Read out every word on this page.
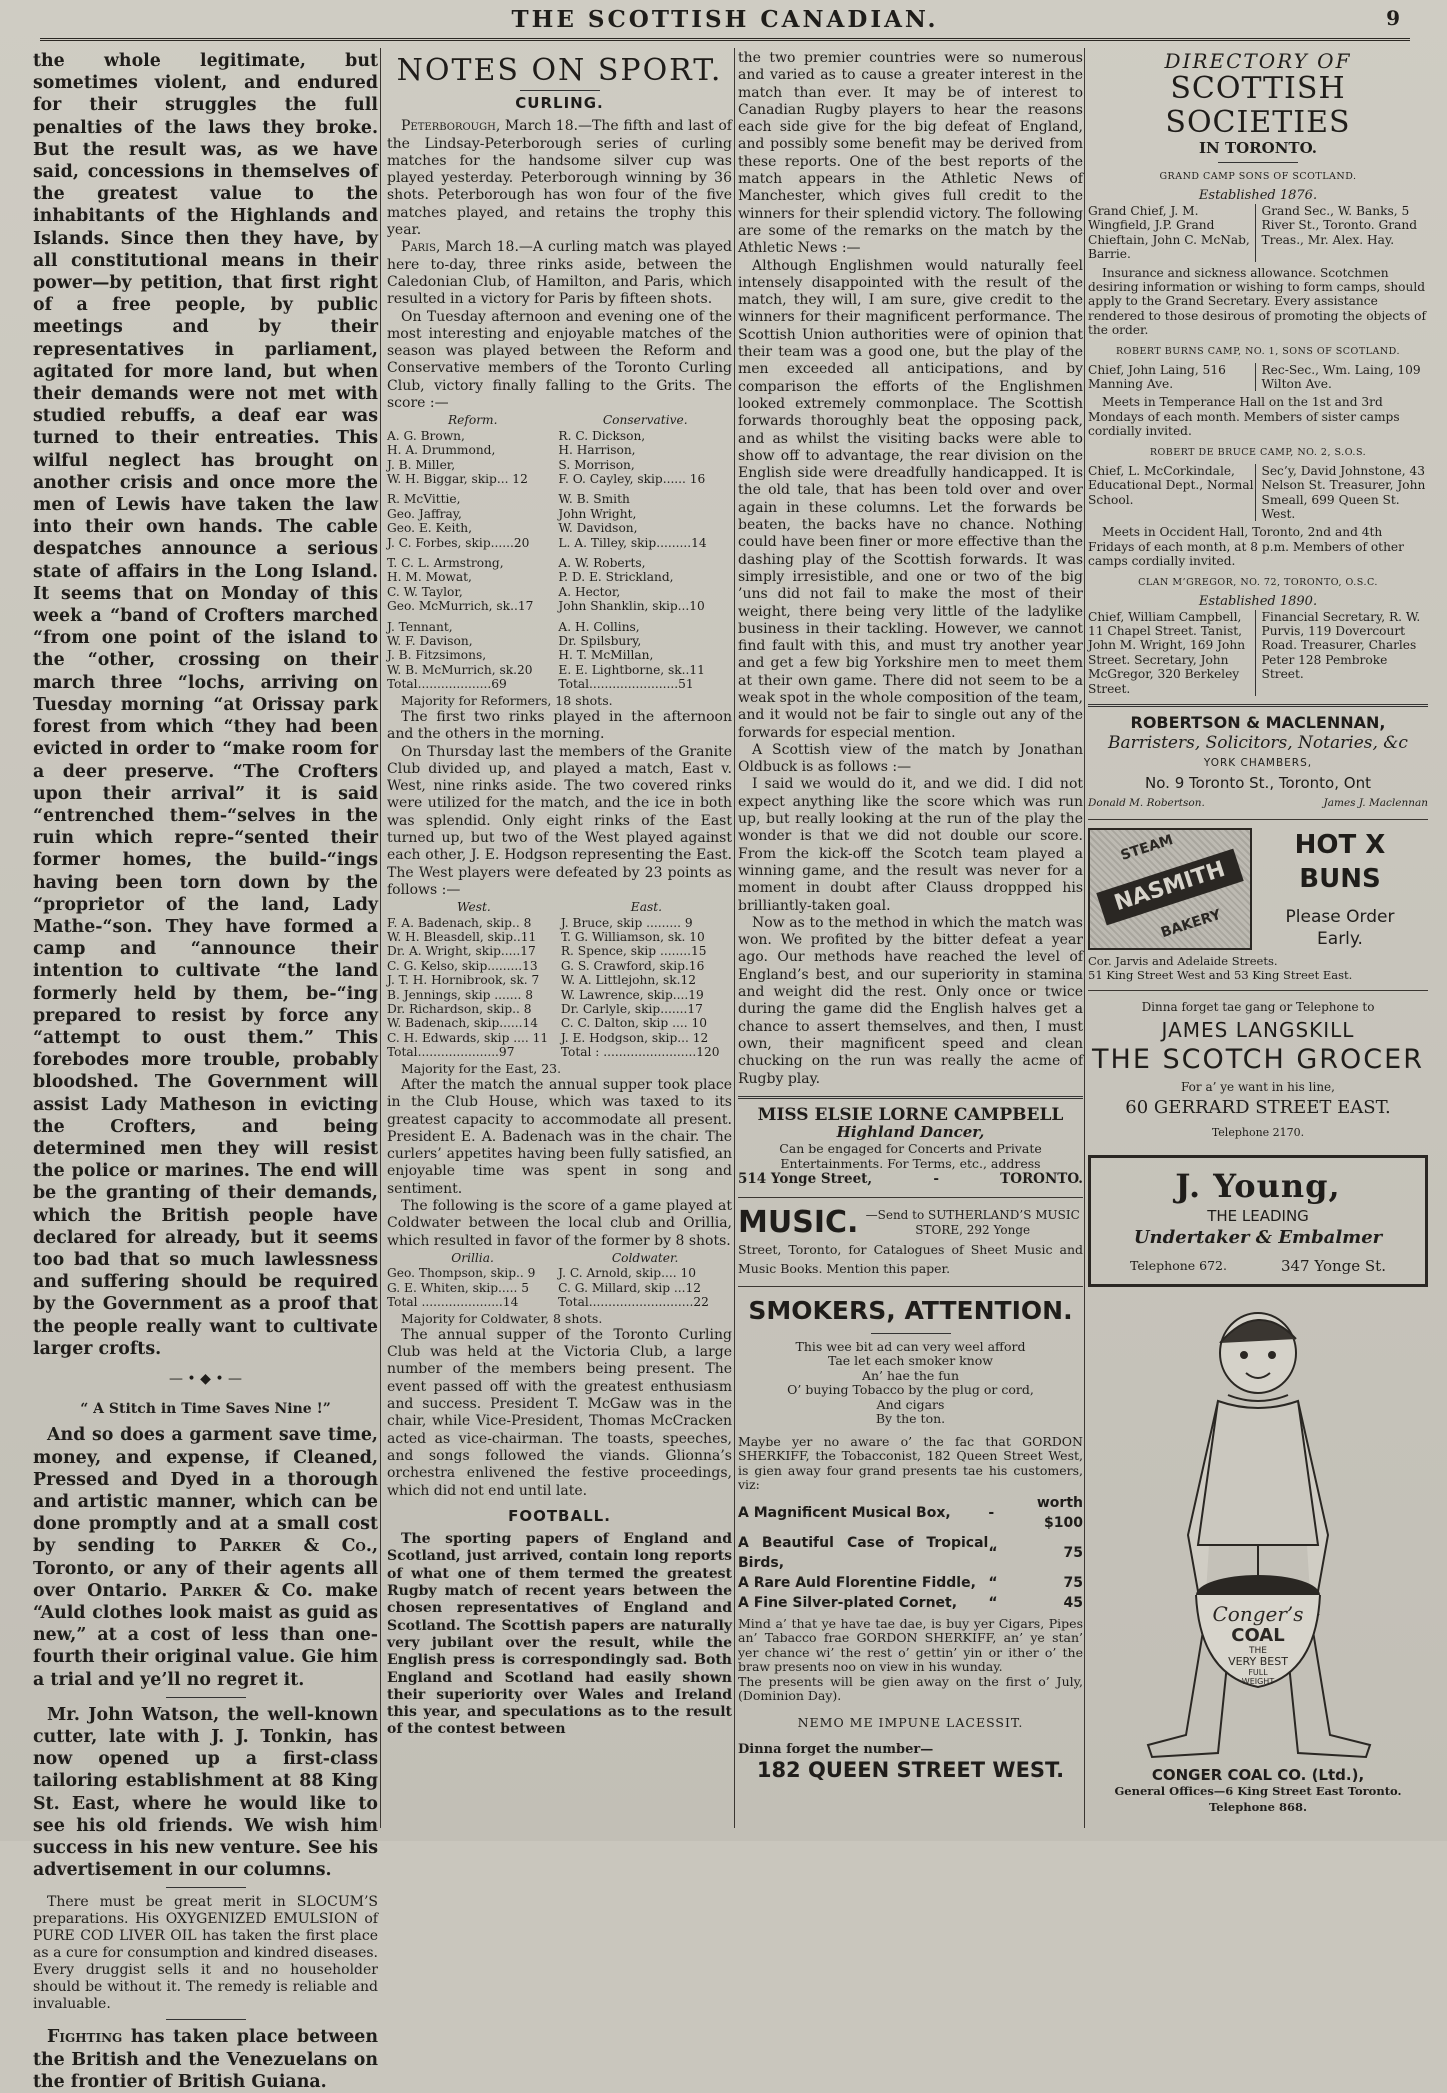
THE SCOTTISH CANADIAN.	9

the whole legitimate, but sometimes violent, and endured for their struggles the full penalties of the laws they broke. But the result was, as we have said, concessions in themselves of the greatest value to the inhabitants of the Highlands and Islands. Since then they have, by all constitutional means in their power—by petition, that first right of a free people, by public meetings and by their representatives in parliament, agitated for more land, but when their demands were not met with studied rebuffs, a deaf ear was turned to their entreaties. This wilful neglect has brought on another crisis and once more the men of Lewis have taken the law into their own hands. The cable despatches announce a serious state of affairs in the Long Island. It seems that on Monday of this week a “band of Crofters marched “from one point of the island to the “other, crossing on their march three “lochs, arriving on Tuesday morning “at Orissay park forest from which “they had been evicted in order to “make room for a deer preserve. “The Crofters upon their arrival” it is said “entrenched them-“selves in the ruin which repre-“sented their former homes, the build-“ings having been torn down by the “proprietor of the land, Lady Mathe-“son. They have formed a camp and “announce their intention to cultivate “the land formerly held by them, be-“ing prepared to resist by force any “attempt to oust them.” This forebodes more trouble, probably bloodshed. The Government will assist Lady Matheson in evicting the Crofters, and being determined men they will resist the police or marines. The end will be the granting of their demands, which the British people have declared for already, but it seems too bad that so much lawlessness and suffering should be required by the Government as a proof that the people really want to cultivate larger crofts.

— • ◆ • —

“ A Stitch in Time Saves Nine !”

And so does a garment save time, money, and expense, if Cleaned, Pressed and Dyed in a thorough and artistic manner, which can be done promptly and at a small cost by sending to Parker & Co., Toronto, or any of their agents all over Ontario. Parker & Co. make “Auld clothes look maist as guid as new,” at a cost of less than one-fourth their original value. Gie him a trial and ye’ll no regret it.

Mr. John Watson, the well-known cutter, late with J. J. Tonkin, has now opened up a first-class tailoring establishment at 88 King St. East, where he would like to see his old friends. We wish him success in his new venture. See his advertisement in our columns.

There must be great merit in SLOCUM’S preparations. His OXYGENIZED EMULSION of PURE COD LIVER OIL has taken the first place as a cure for consumption and kindred diseases. Every druggist sells it and no householder should be without it. The remedy is reliable and invaluable.

Fighting has taken place between the British and the Venezuelans on the frontier of British Guiana.

NOTES ON SPORT.
CURLING.

Peterborough, March 18.—The fifth and last of the Lindsay-Peterborough series of curling matches for the handsome silver cup was played yesterday. Peterborough winning by 36 shots. Peterborough has won four of the five matches played, and retains the trophy this year.

Paris, March 18.—A curling match was played here to-day, three rinks aside, between the Caledonian Club, of Hamilton, and Paris, which resulted in a victory for Paris by fifteen shots.

On Tuesday afternoon and evening one of the most interesting and enjoyable matches of the season was played between the Reform and Conservative members of the Toronto Curling Club, victory finally falling to the Grits. The score :—

Reform.	Conservative.
A. G. Brown,	R. C. Dickson,
H. A. Drummond,	H. Harrison,
J. B. Miller,	S. Morrison,
W. H. Biggar, skip... 12	F. O. Cayley, skip...... 16

R. McVittie,	W. B. Smith
Geo. Jaffray,	John Wright,
Geo. E. Keith,	W. Davidson,
J. C. Forbes, skip......20	L. A. Tilley, skip.........14

T. C. L. Armstrong,	A. W. Roberts,
H. M. Mowat,	P. D. E. Strickland,
C. W. Taylor,	A. Hector,
Geo. McMurrich, sk..17	John Shanklin, skip...10

J. Tennant,	A. H. Collins,
W. F. Davison,	Dr. Spilsbury,
J. B. Fitzsimons,	H. T. McMillan,
W. B. McMurrich, sk.20	E. E. Lightborne, sk..11
Total...................69	Total.......................51

Majority for Reformers, 18 shots.

The first two rinks played in the afternoon and the others in the morning.

On Thursday last the members of the Granite Club divided up, and played a match, East v. West, nine rinks aside. The two covered rinks were utilized for the match, and the ice in both was splendid. Only eight rinks of the East turned up, but two of the West played against each other, J. E. Hodgson representing the East. The West players were defeated by 23 points as follows :—

West.	East.
F. A. Badenach, skip.. 8	J. Bruce, skip ......... 9
W. H. Bleasdell, skip..11	T. G. Williamson, sk. 10
Dr. A. Wright, skip.....17	R. Spence, skip ........15
C. G. Kelso, skip.........13	G. S. Crawford, skip.16
J. T. H. Hornibrook, sk. 7	W. A. Littlejohn, sk.12
B. Jennings, skip ....... 8	W. Lawrence, skip....19
Dr. Richardson, skip.. 8	Dr. Carlyle, skip.......17
W. Badenach, skip......14	C. C. Dalton, skip .... 10
C. H. Edwards, skip .... 11	J. E. Hodgson, skip... 12
Total.....................97	Total : ........................120

Majority for the East, 23.

After the match the annual supper took place in the Club House, which was taxed to its greatest capacity to accommodate all present. President E. A. Badenach was in the chair. The curlers’ appetites having been fully satisfied, an enjoyable time was spent in song and sentiment.

The following is the score of a game played at Coldwater between the local club and Orillia, which resulted in favor of the former by 8 shots.

Orillia.	Coldwater.
Geo. Thompson, skip.. 9	J. C. Arnold, skip.... 10
G. E. Whiten, skip..... 5	C. G. Millard, skip ...12
Total .....................14	Total...........................22

Majority for Coldwater, 8 shots.

The annual supper of the Toronto Curling Club was held at the Victoria Club, a large number of the members being present. The event passed off with the greatest enthusiasm and success. President T. McGaw was in the chair, while Vice-President, Thomas McCracken acted as vice-chairman. The toasts, speeches, and songs followed the viands. Glionna’s orchestra enlivened the festive proceedings, which did not end until late.

FOOTBALL.

The sporting papers of England and Scotland, just arrived, contain long reports of what one of them termed the greatest Rugby match of recent years between the chosen representatives of England and Scotland. The Scottish papers are naturally very jubilant over the result, while the English press is correspondingly sad. Both England and Scotland had easily shown their superiority over Wales and Ireland this year, and speculations as to the result of the contest between

the two premier countries were so numerous and varied as to cause a greater interest in the match than ever. It may be of interest to Canadian Rugby players to hear the reasons each side give for the big defeat of England, and possibly some benefit may be derived from these reports. One of the best reports of the match appears in the Athletic News of Manchester, which gives full credit to the winners for their splendid victory. The following are some of the remarks on the match by the Athletic News :—

Although Englishmen would naturally feel intensely disappointed with the result of the match, they will, I am sure, give credit to the winners for their magnificent performance. The Scottish Union authorities were of opinion that their team was a good one, but the play of the men exceeded all anticipations, and by comparison the efforts of the Englishmen looked extremely commonplace. The Scottish forwards thoroughly beat the opposing pack, and as whilst the visiting backs were able to show off to advantage, the rear division on the English side were dreadfully handicapped. It is the old tale, that has been told over and over again in these columns. Let the forwards be beaten, the backs have no chance. Nothing could have been finer or more effective than the dashing play of the Scottish forwards. It was simply irresistible, and one or two of the big ’uns did not fail to make the most of their weight, there being very little of the ladylike business in their tackling. However, we cannot find fault with this, and must try another year and get a few big Yorkshire men to meet them at their own game. There did not seem to be a weak spot in the whole composition of the team, and it would not be fair to single out any of the forwards for especial mention.

A Scottish view of the match by Jonathan Oldbuck is as follows :—

I said we would do it, and we did. I did not expect anything like the score which was run up, but really looking at the run of the play the wonder is that we did not double our score. From the kick-off the Scotch team played a winning game, and the result was never for a moment in doubt after Clauss droppped his brilliantly-taken goal.

Now as to the method in which the match was won. We profited by the bitter defeat a year ago. Our methods have reached the level of England’s best, and our superiority in stamina and weight did the rest. Only once or twice during the game did the English halves get a chance to assert themselves, and then, I must own, their magnificent speed and clean chucking on the run was really the acme of Rugby play.

MISS ELSIE LORNE CAMPBELL
Highland Dancer,
Can be engaged for Concerts and Private Entertainments. For Terms, etc., address
514 Yonge Street,	-	TORONTO.
MUSIC. —Send to SUTHERLAND’S MUSIC STORE, 292 Yonge

Street, Toronto, for Catalogues of Sheet Music and Music Books. Mention this paper.

SMOKERS, ATTENTION.
This wee bit ad can very weel afford
Tae let each smoker know
An’ hae the fun
O’ buying Tobacco by the plug or cord,
And cigars
By the ton.

Maybe yer no aware o’ the fac that GORDON SHERKIFF, the Tobacconist, 182 Queen Street West, is gien away four grand presents tae his customers, viz:

A Magnificent Musical Box,	-	worth $100
A Beautiful Case of Tropical Birds,	“	75
A Rare Auld Florentine Fiddle,	“	75
A Fine Silver-plated Cornet,	“	45

Mind a’ that ye have tae dae, is buy yer Cigars, Pipes an’ Tabacco frae GORDON SHERKIFF, an’ ye stan’ yer chance wi’ the rest o’ gettin’ yin or ither o’ the braw presents noo on view in his wunday.

The presents will be gien away on the first o’ July, (Dominion Day).

NEMO ME IMPUNE LACESSIT.
Dinna forget the number—
182 QUEEN STREET WEST.
DIRECTORY OF
SCOTTISH SOCIETIES
IN TORONTO.
GRAND CAMP SONS OF SCOTLAND.
Established 1876.
Grand Chief, J. M. Wingfield, J.P. Grand Chieftain, John C. McNab, Barrie.
Grand Sec., W. Banks, 5 River St., Toronto. Grand Treas., Mr. Alex. Hay.

Insurance and sickness allowance. Scotchmen desiring information or wishing to form camps, should apply to the Grand Secretary. Every assistance rendered to those desirous of promoting the objects of the order.

ROBERT BURNS CAMP, NO. 1, SONS OF SCOTLAND.
Chief, John Laing, 516 Manning Ave.
Rec-Sec., Wm. Laing, 109 Wilton Ave.

Meets in Temperance Hall on the 1st and 3rd Mondays of each month. Members of sister camps cordially invited.

ROBERT DE BRUCE CAMP, NO. 2, S.O.S.
Chief, L. McCorkindale, Educational Dept., Normal School.
Sec’y, David Johnstone, 43 Nelson St. Treasurer, John Smeall, 699 Queen St. West.

Meets in Occident Hall, Toronto, 2nd and 4th Fridays of each month, at 8 p.m. Members of other camps cordially invited.

CLAN M’GREGOR, NO. 72, TORONTO, O.S.C.
Established 1890.
Chief, William Campbell, 11 Chapel Street. Tanist, John M. Wright, 169 John Street. Secretary, John McGregor, 320 Berkeley Street.
Financial Secretary, R. W. Purvis, 119 Dovercourt Road. Treasurer, Charles Peter 128 Pembroke Street.
ROBERTSON & MACLENNAN,
Barristers, Solicitors, Notaries, &c
YORK CHAMBERS,
No. 9 Toronto St., Toronto, Ont
Donald M. Robertson.	James J. Maclennan
STEAM
NASMITH
BAKERY
HOT X BUNS
Please Order Early.
Cor. Jarvis and Adelaide Streets.
51 King Street West and 53 King Street East.
Dinna forget tae gang or Telephone to
JAMES LANGSKILL
THE SCOTCH GROCER
For a’ ye want in his line,
60 GERRARD STREET EAST.
Telephone 2170.
J. Young,
THE LEADING
Undertaker & Embalmer
Telephone 672.	347 Yonge St.
Conger’s
COAL
THE
VERY BEST
FULL
WEIGHT
CONGER COAL CO. (Ltd.),
General Offices—6 King Street East Toronto.
Telephone 868.
